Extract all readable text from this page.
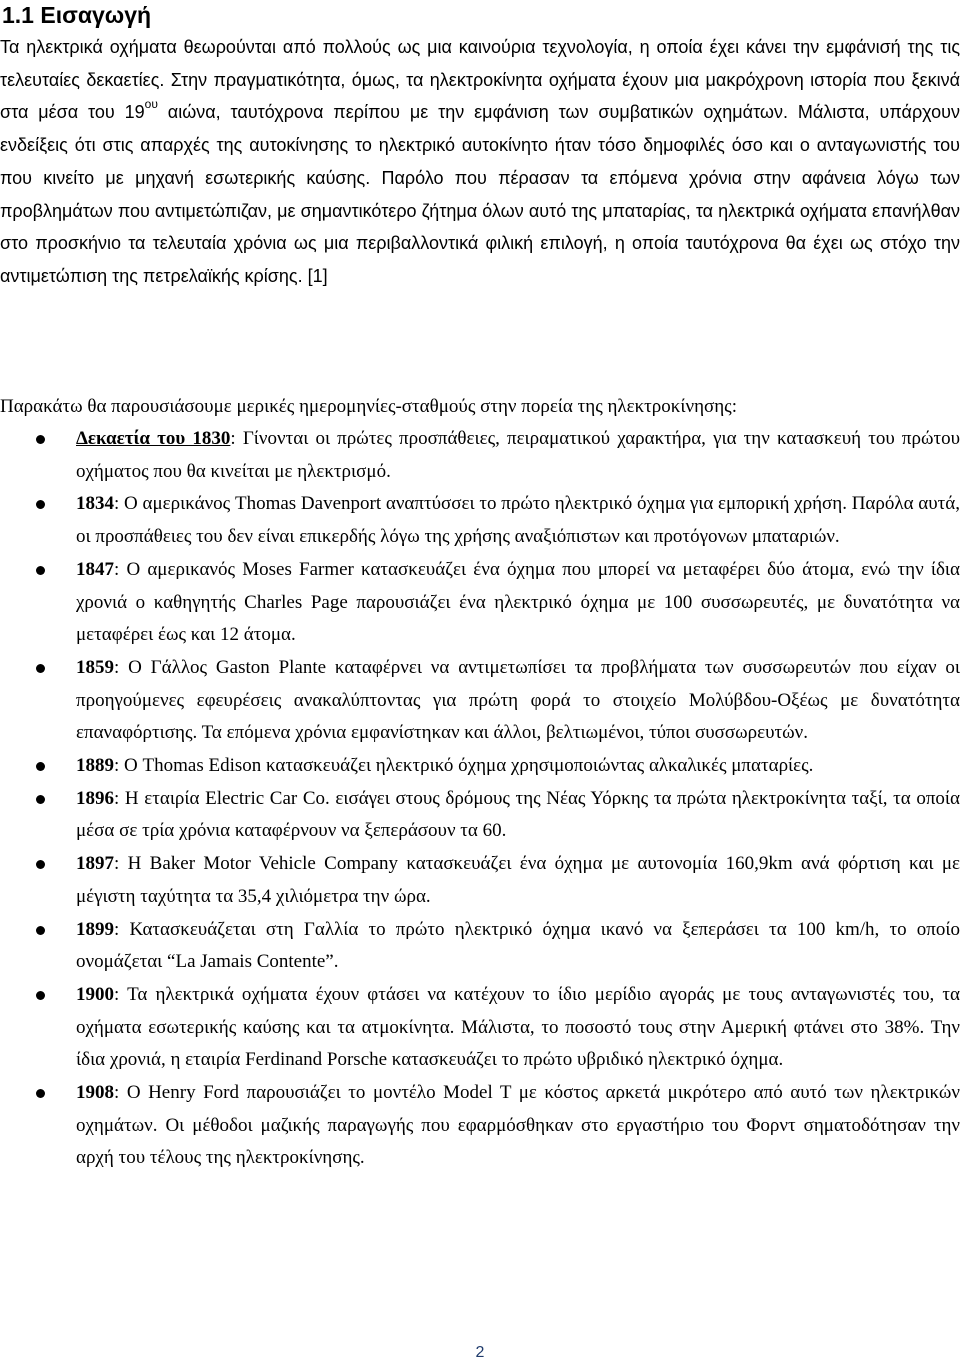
1.1 Εισαγωγή

Τα ηλεκτρικά οχήματα θεωρούνται από πολλούς ως μια καινούρια τεχνολογία, η οποία έχει κάνει την εμφάνισή της τις τελευταίες δεκαετίες. Στην πραγματικότητα, όμως, τα ηλεκτροκίνητα οχήματα έχουν μια μακρόχρονη ιστορία που ξεκινά στα μέσα του $19^{o\upsilon}$ αιώνα, ταυτόχρονα περίπου με την εμφάνιση των συμβατικών οχημάτων. Μάλιστα, υπάρχουν ενδείξεις ότι στις απαρχές της αυτοκίνησης το ηλεκτρικό αυτοκίνητο ήταν τόσο δημοφιλές όσο και ο ανταγωνιστής του που κινείτο με μηχανή εσωτερικής καύσης. Παρόλο που πέρασαν τα επόμενα χρόνια στην αφάνεια λόγω των προβλημάτων που αντιμετώπιζαν, με σημαντικότερο ζήτημα όλων αυτό της μπαταρίας, τα ηλεκτρικά οχήματα επανήλθαν στο προσκήνιο τα τελευταία χρόνια ως μια περιβαλλοντικά φιλική επιλογή, η οποία ταυτόχρονα θα έχει ως στόχο την αντιμετώπιση της πετρελαϊκής κρίσης. [1]

Παρακάτω θα παρουσιάσουμε μερικές ημερομηνίες-σταθμούς στην πορεία της ηλεκτροκίνησης:

Δεκαετία του 1830: Γίνονται οι πρώτες προσπάθειες, πειραματικού χαρακτήρα, για την κατασκευή του πρώτου οχήματος που θα κινείται με ηλεκτρισμό.
1834: Ο αμερικάνος Thomas Davenport αναπτύσσει το πρώτο ηλεκτρικό όχημα για εμπορική χρήση. Παρόλα αυτά, οι προσπάθειες του δεν είναι επικερδής λόγω της χρήσης αναξιόπιστων και προτόγονων μπαταριών.
1847: Ο αμερικανός Moses Farmer κατασκευάζει ένα όχημα που μπορεί να μεταφέρει δύο άτομα, ενώ την ίδια χρονιά ο καθηγητής Charles Page παρουσιάζει ένα ηλεκτρικό όχημα με 100 συσσωρευτές, με δυνατότητα να μεταφέρει έως και 12 άτομα.
1859: Ο Γάλλος Gaston Plante καταφέρνει να αντιμετωπίσει τα προβλήματα των συσσωρευτών που είχαν οι προηγούμενες εφευρέσεις ανακαλύπτοντας για πρώτη φορά το στοιχείο Μολύβδου-Οξέως με δυνατότητα επαναφόρτισης. Τα επόμενα χρόνια εμφανίστηκαν και άλλοι, βελτιωμένοι, τύποι συσσωρευτών.
1889: Ο Thomas Edison κατασκευάζει ηλεκτρικό όχημα χρησιμοποιώντας αλκαλικές μπαταρίες.
1896: Η εταιρία Electric Car Co. εισάγει στους δρόμους της Νέας Υόρκης τα πρώτα ηλεκτροκίνητα ταξί, τα οποία μέσα σε τρία χρόνια καταφέρνουν να ξεπεράσουν τα 60.
1897: Η Baker Motor Vehicle Company κατασκευάζει ένα όχημα με αυτονομία 160,9km ανά φόρτιση και με μέγιστη ταχύτητα τα 35,4 χιλιόμετρα την ώρα.
1899: Κατασκευάζεται στη Γαλλία το πρώτο ηλεκτρικό όχημα ικανό να ξεπεράσει τα 100 km/h, το οποίο ονομάζεται “La Jamais Contente”.
1900: Τα ηλεκτρικά οχήματα έχουν φτάσει να κατέχουν το ίδιο μερίδιο αγοράς με τους ανταγωνιστές του, τα οχήματα εσωτερικής καύσης και τα ατμοκίνητα. Μάλιστα, το ποσοστό τους στην Αμερική φτάνει στο 38%. Την ίδια χρονιά, η εταιρία Ferdinand Porsche κατασκευάζει το πρώτο υβριδικό ηλεκτρικό όχημα.
1908: Ο Henry Ford παρουσιάζει το μοντέλο Model T με κόστος αρκετά μικρότερο από αυτό των ηλεκτρικών οχημάτων. Οι μέθοδοι μαζικής παραγωγής που εφαρμόσθηκαν στο εργαστήριο του Φορντ σηματοδότησαν την αρχή του τέλους της ηλεκτροκίνησης.
2
